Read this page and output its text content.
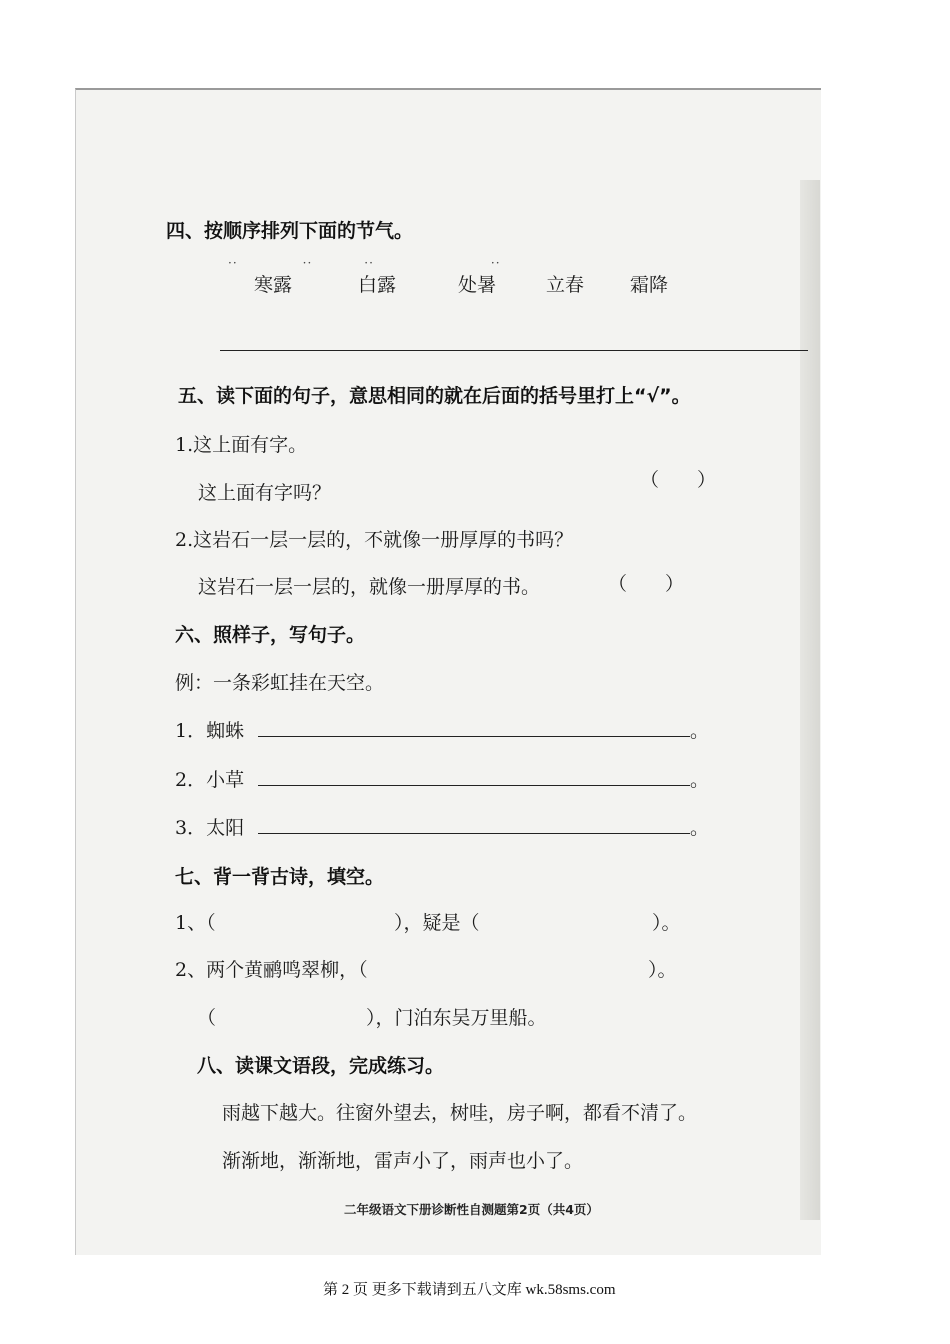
四、按顺序排列下面的节气。
··　　　　　··　　　　··　　　　　　　　　··
寒露	白露	处暑	立春 霜降
五、读下面的句子，意思相同的就在后面的括号里打上“√”。
1.这上面有字。
这上面有字吗？
（　　）
2.这岩石一层一层的，不就像一册厚厚的书吗？
这岩石一层一层的，就像一册厚厚的书。	（　　）
六、照样子，写句子。
例：一条彩虹挂在天空。
1．蜘蛛	。
2．小草	。
3．太阳	。
七、背一背古诗，填空。
1、（	），疑是（	）。
2、两个黄鹂鸣翠柳，（	）。
（	），门泊东吴万里船。
八、读课文语段，完成练习。
雨越下越大。往窗外望去，树哇，房子啊，都看不清了。
渐渐地，渐渐地，雷声小了，雨声也小了。
二年级语文下册诊断性自测题第2页（共4页）
第 2 页 更多下载请到五八文库 wk.58sms.com
